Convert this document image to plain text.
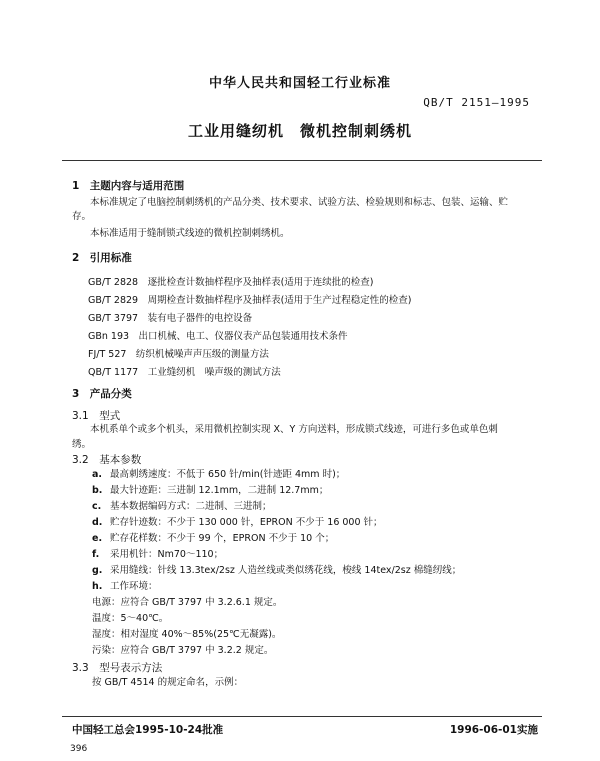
中华人民共和国轻工行业标准
QB/T 2151—1995
工业用缝纫机　微机控制刺绣机
1　主题内容与适用范围
本标准规定了电脑控制刺绣机的产品分类、技术要求、试验方法、检验规则和标志、包装、运输、贮
存。
本标准适用于缝制锁式线迹的微机控制刺绣机。
2　引用标准
GB/T 2828　逐批检查计数抽样程序及抽样表(适用于连续批的检查)
GB/T 2829　周期检查计数抽样程序及抽样表(适用于生产过程稳定性的检查)
GB/T 3797　装有电子器件的电控设备
GBn 193　出口机械、电工、仪器仪表产品包装通用技术条件
FJ/T 527　纺织机械噪声声压级的测量方法
QB/T 1177　工业缝纫机　噪声级的测试方法
3　产品分类
3.1　型式
本机系单个或多个机头，采用微机控制实现 X、Y 方向送料，形成锁式线迹，可进行多色或单色刺
绣。
3.2　基本参数
a. 最高刺绣速度：不低于 650 针/min(针迹距 4mm 时)；
b. 最大针迹距：三进制 12.1mm，二进制 12.7mm；
c. 基本数据编码方式：二进制、三进制；
d. 贮存针迹数：不少于 130 000 针，EPRON 不少于 16 000 针；
e. 贮存花样数：不少于 99 个，EPRON 不少于 10 个；
f. 采用机针：Nm70～110；
g. 采用缝线：针线 13.3tex/2sz 人造丝线或类似绣花线，梭线 14tex/2sz 棉缝纫线；
h. 工作环境：
电源：应符合 GB/T 3797 中 3.2.6.1 规定。
温度：5～40℃。
湿度：相对湿度 40%～85%(25℃无凝露)。
污染：应符合 GB/T 3797 中 3.2.2 规定。
3.3　型号表示方法
按 GB/T 4514 的规定命名，示例：
中国轻工总会1995-10-24批准	1996-06-01实施
396
